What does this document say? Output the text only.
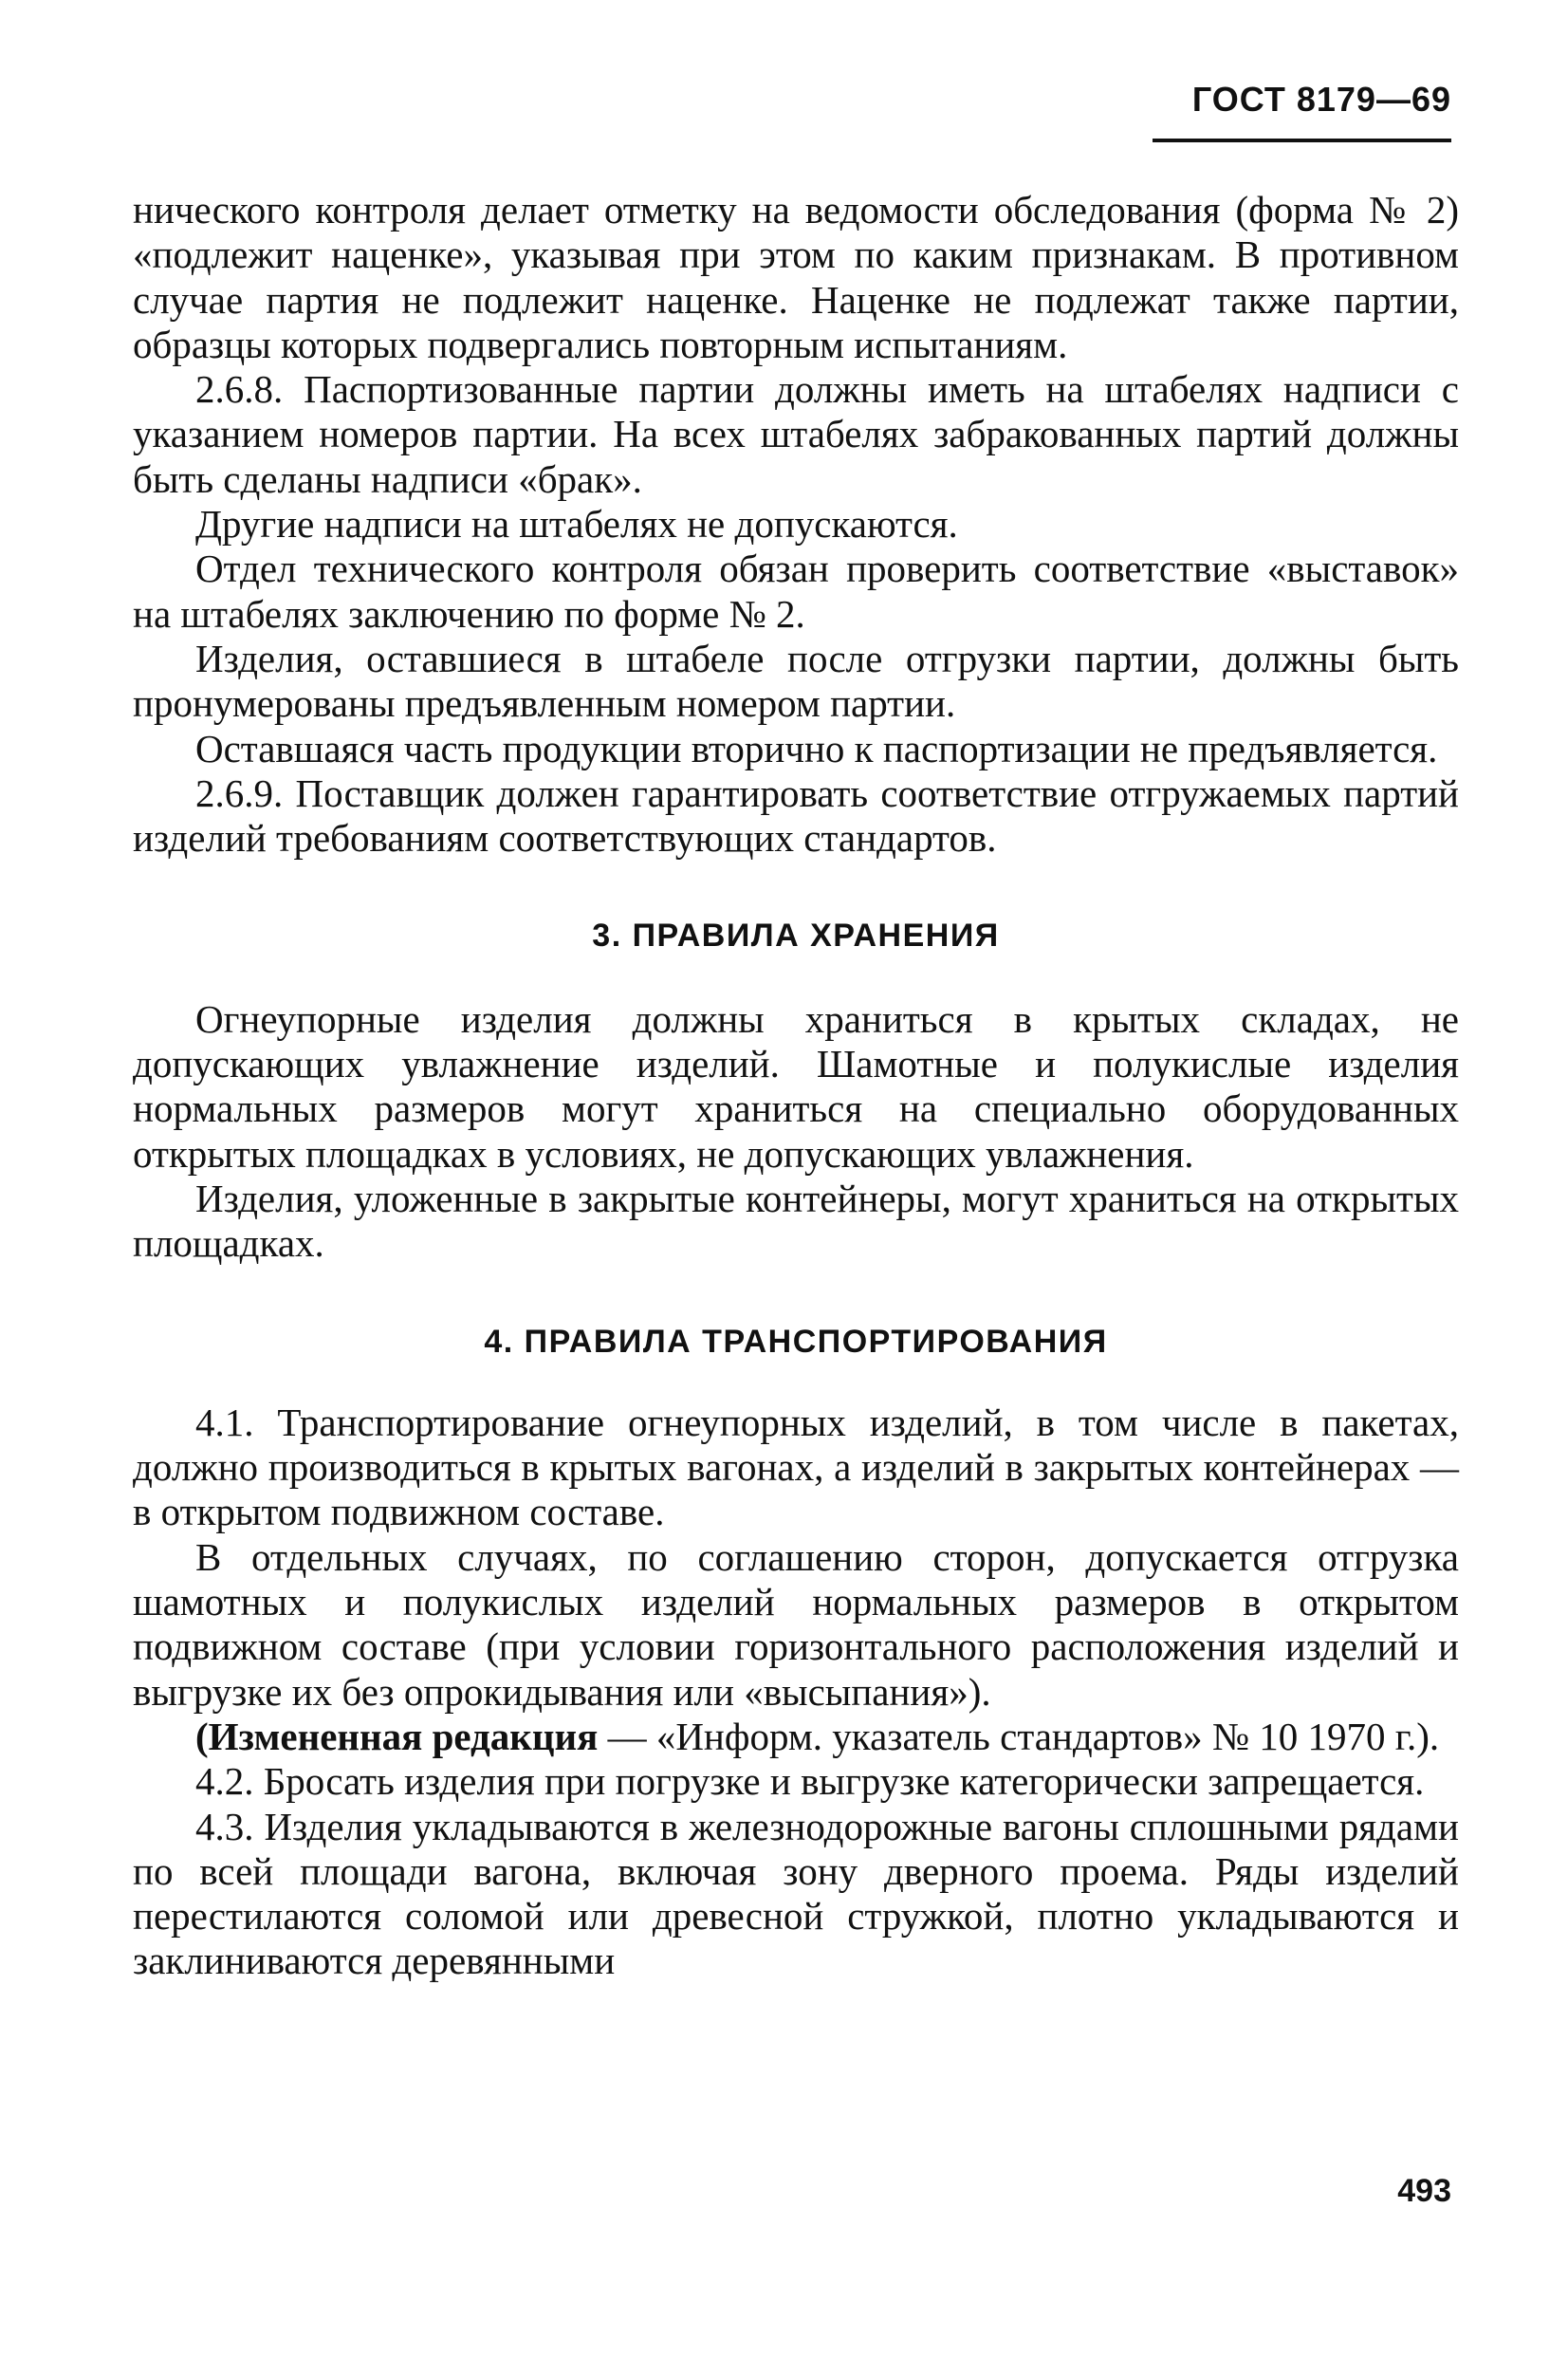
ГОСТ 8179—69

нического контроля делает отметку на ведомости обследования (форма № 2) «подлежит наценке», указывая при этом по каким признакам. В противном случае партия не подлежит наценке. Наценке не подлежат также партии, образцы которых подвергались повторным испытаниям.

2.6.8. Паспортизованные партии должны иметь на штабелях надписи с указанием номеров партии. На всех штабелях забракованных партий должны быть сделаны надписи «брак».

Другие надписи на штабелях не допускаются.

Отдел технического контроля обязан проверить соответствие «выставок» на штабелях заключению по форме № 2.

Изделия, оставшиеся в штабеле после отгрузки партии, должны быть пронумерованы предъявленным номером партии.

Оставшаяся часть продукции вторично к паспортизации не предъявляется.

2.6.9. Поставщик должен гарантировать соответствие отгружаемых партий изделий требованиям соответствующих стандартов.

3. ПРАВИЛА ХРАНЕНИЯ

Огнеупорные изделия должны храниться в крытых складах, не допускающих увлажнение изделий. Шамотные и полукислые изделия нормальных размеров могут храниться на специально оборудованных открытых площадках в условиях, не допускающих увлажнения.

Изделия, уложенные в закрытые контейнеры, могут храниться на открытых площадках.

4. ПРАВИЛА ТРАНСПОРТИРОВАНИЯ

4.1. Транспортирование огнеупорных изделий, в том числе в пакетах, должно производиться в крытых вагонах, а изделий в закрытых контейнерах — в открытом подвижном составе.

В отдельных случаях, по соглашению сторон, допускается отгрузка шамотных и полукислых изделий нормальных размеров в открытом подвижном составе (при условии горизонтального расположения изделий и выгрузке их без опрокидывания или «высыпания»).

(Измененная редакция — «Информ. указатель стандартов» № 10 1970 г.).

4.2. Бросать изделия при погрузке и выгрузке категорически запрещается.

4.3. Изделия укладываются в железнодорожные вагоны сплошными рядами по всей площади вагона, включая зону дверного проема. Ряды изделий перестилаются соломой или древесной стружкой, плотно укладываются и заклиниваются деревянными

493
